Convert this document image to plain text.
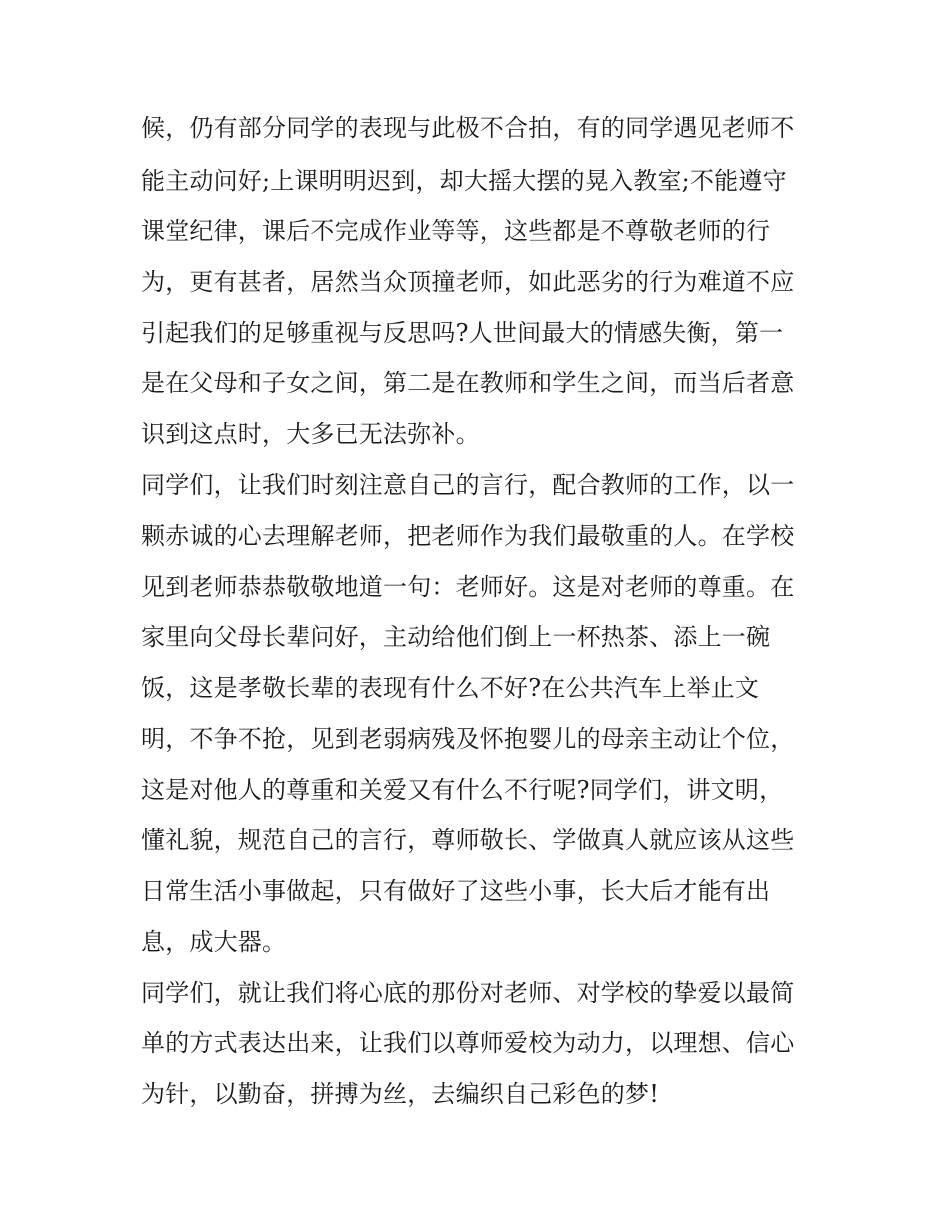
候，仍有部分同学的表现与此极不合拍，有的同学遇见老师不
能主动问好;上课明明迟到，却大摇大摆的晃入教室;不能遵守
课堂纪律，课后不完成作业等等，这些都是不尊敬老师的行
为，更有甚者，居然当众顶撞老师，如此恶劣的行为难道不应
引起我们的足够重视与反思吗?人世间最大的情感失衡，第一
是在父母和子女之间，第二是在教师和学生之间，而当后者意
识到这点时，大多已无法弥补。
同学们，让我们时刻注意自己的言行，配合教师的工作，以一
颗赤诚的心去理解老师，把老师作为我们最敬重的人。在学校
见到老师恭恭敬敬地道一句：老师好。这是对老师的尊重。在
家里向父母长辈问好，主动给他们倒上一杯热茶、添上一碗
饭，这是孝敬长辈的表现有什么不好?在公共汽车上举止文
明，不争不抢，见到老弱病残及怀抱婴儿的母亲主动让个位，
这是对他人的尊重和关爱又有什么不行呢?同学们，讲文明，
懂礼貌，规范自己的言行，尊师敬长、学做真人就应该从这些
日常生活小事做起，只有做好了这些小事，长大后才能有出
息，成大器。
同学们，就让我们将心底的那份对老师、对学校的挚爱以最简
单的方式表达出来，让我们以尊师爱校为动力，以理想、信心
为针，以勤奋，拼搏为丝，去编织自己彩色的梦!
